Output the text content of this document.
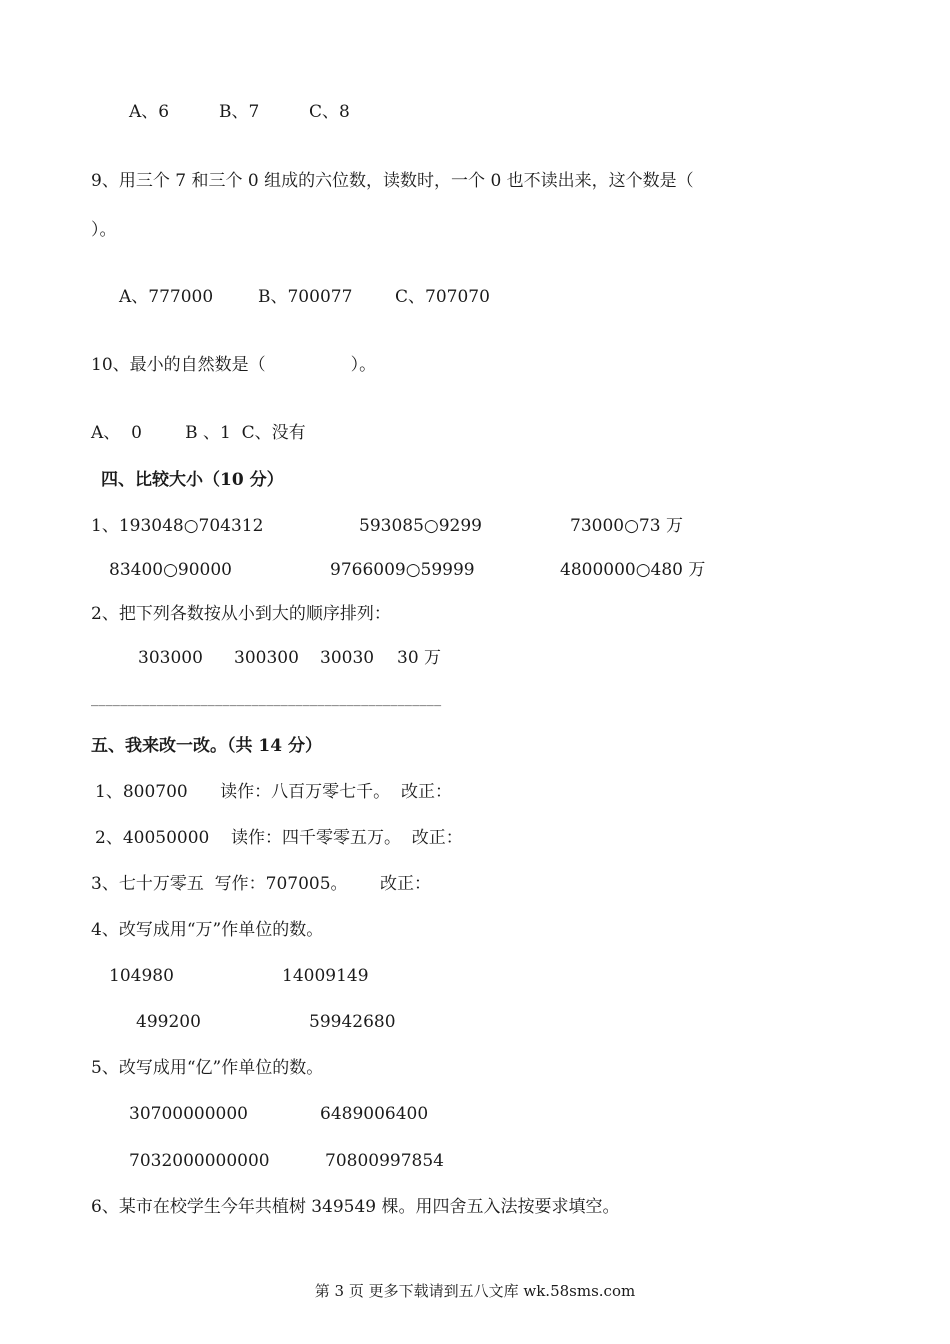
A、6	B、7	C、8
9、用三个 7 和三个 0 组成的六位数，读数时，一个 0 也不读出来，这个数是（
）。
A、777000	B、700077	C、707070
10、最小的自然数是（　　　　　）。
A、  0        B 、1  C、没有
四、比较大小（10 分）
1、193048○704312	593085○9299	73000○73 万
83400○90000	9766009○59999	4800000○480 万
2、把下列各数按从小到大的顺序排列：
303000 300300 30030 30 万
________________________________________________
五、我来改一改。（共 14 分）
1、800700      读作：八百万零七千。  改正：
2、40050000    读作：四千零零五万。  改正：
3、七十万零五  写作：707005。      改正：
4、改写成用“万”作单位的数。
104980	14009149
499200	59942680
5、改写成用“亿”作单位的数。
30700000000	6489006400
7032000000000	70800997854
6、某市在校学生今年共植树 349549 棵。用四舍五入法按要求填空。
第 3 页 更多下载请到五八文库 wk.58sms.com
